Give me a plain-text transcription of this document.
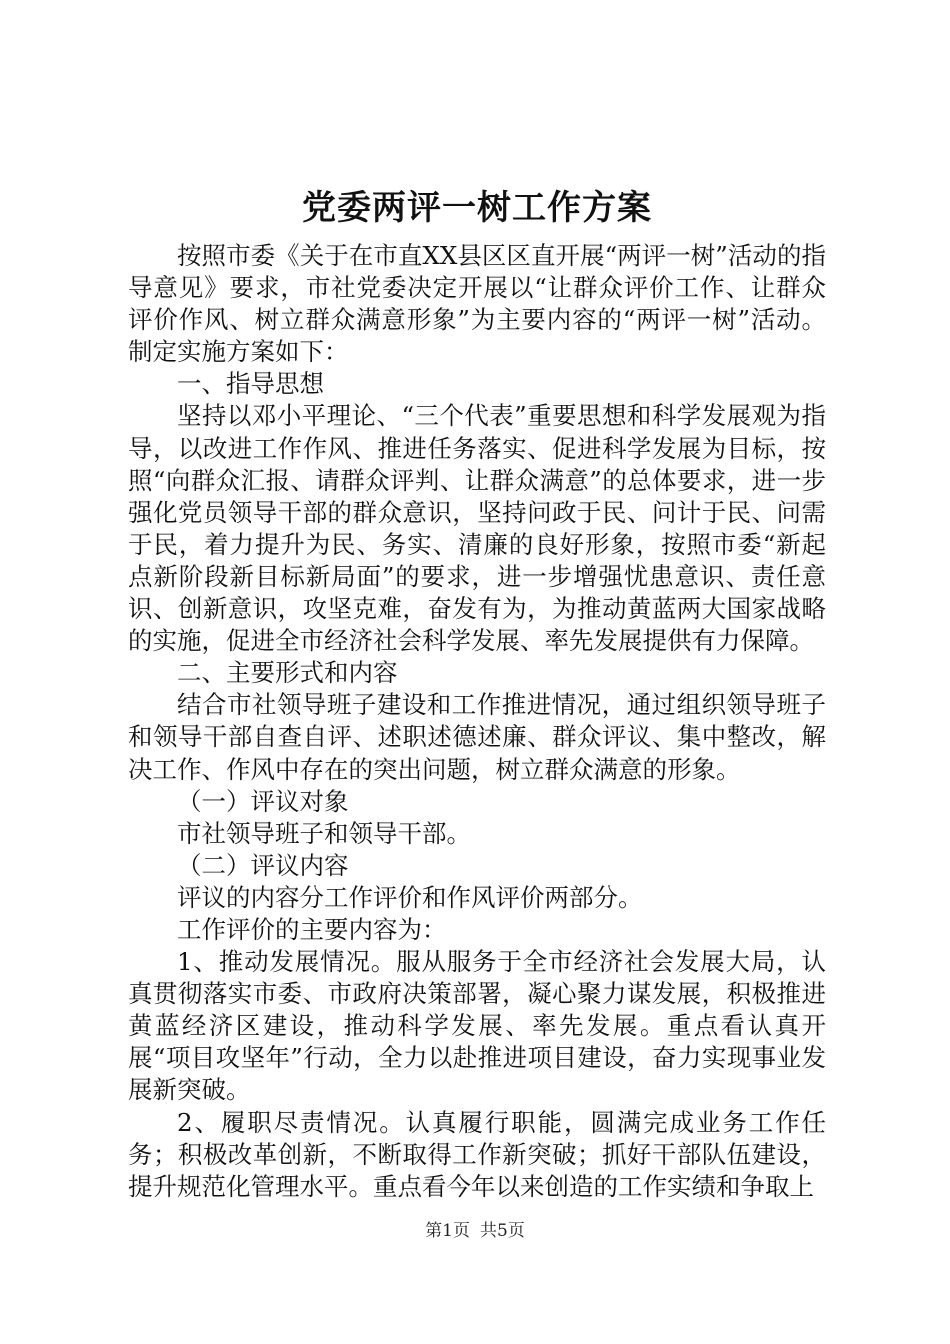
党委两评一树工作方案

按照市委《关于在市直XX县区区直开展“两评一树”活动的指导意见》要求，市社党委决定开展以“让群众评价工作、让群众评价作风、树立群众满意形象”为主要内容的“两评一树”活动。制定实施方案如下：

一、指导思想

坚持以邓小平理论、“三个代表”重要思想和科学发展观为指导，以改进工作作风、推进任务落实、促进科学发展为目标，按照“向群众汇报、请群众评判、让群众满意”的总体要求，进一步强化党员领导干部的群众意识，坚持问政于民、问计于民、问需于民，着力提升为民、务实、清廉的良好形象，按照市委“新起点新阶段新目标新局面”的要求，进一步增强忧患意识、责任意识、创新意识，攻坚克难，奋发有为，为推动黄蓝两大国家战略的实施，促进全市经济社会科学发展、率先发展提供有力保障。

二、主要形式和内容

结合市社领导班子建设和工作推进情况，通过组织领导班子和领导干部自查自评、述职述德述廉、群众评议、集中整改，解决工作、作风中存在的突出问题，树立群众满意的形象。

（一）评议对象

市社领导班子和领导干部。

（二）评议内容

评议的内容分工作评价和作风评价两部分。

工作评价的主要内容为：

1、推动发展情况。服从服务于全市经济社会发展大局，认真贯彻落实市委、市政府决策部署，凝心聚力谋发展，积极推进黄蓝经济区建设，推动科学发展、率先发展。重点看认真开展“项目攻坚年”行动，全力以赴推进项目建设，奋力实现事业发展新突破。

2、履职尽责情况。认真履行职能，圆满完成业务工作任务；积极改革创新，不断取得工作新突破；抓好干部队伍建设，提升规范化管理水平。重点看今年以来创造的工作实绩和争取上

第1页 共5页
